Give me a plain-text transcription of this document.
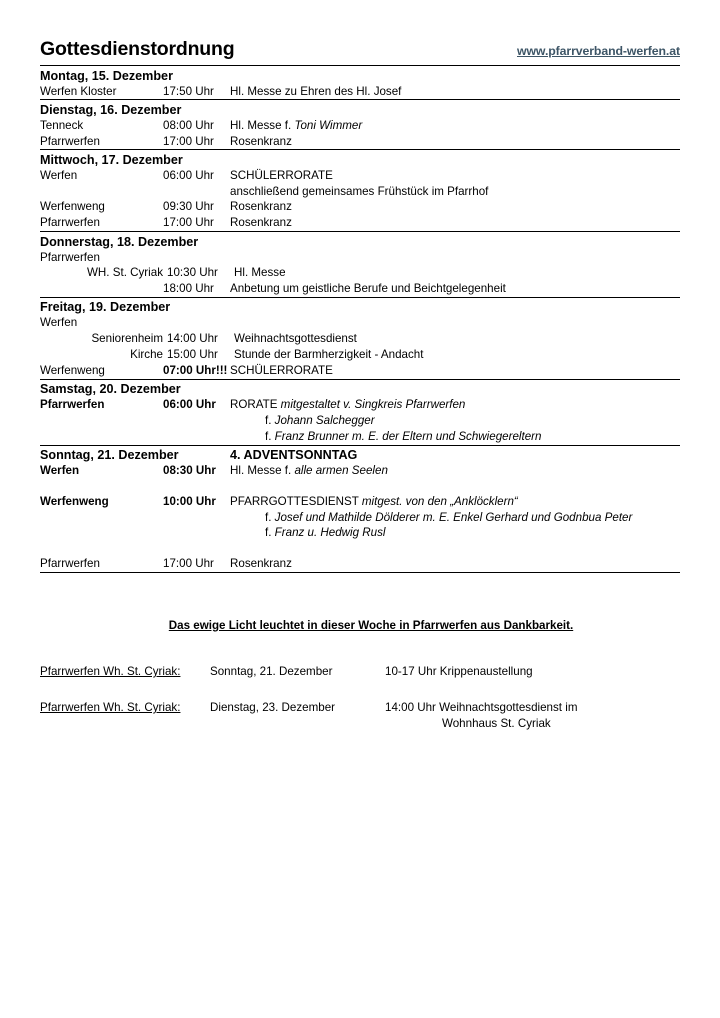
Gottesdienstordnung	www.pfarrverband-werfen.at
Montag, 15. Dezember
Werfen Kloster	17:50 Uhr	Hl. Messe zu Ehren des Hl. Josef
Dienstag, 16. Dezember
Tenneck	08:00 Uhr	Hl. Messe f. Toni Wimmer
Pfarrwerfen	17:00 Uhr	Rosenkranz
Mittwoch, 17. Dezember
Werfen	06:00 Uhr	SCHÜLERRORATE
anschließend gemeinsames Frühstück im Pfarrhof
Werfenweng	09:30 Uhr	Rosenkranz
Pfarrwerfen	17:00 Uhr	Rosenkranz
Donnerstag, 18. Dezember
Pfarrwerfen
WH. St. Cyriak 10:30 Uhr	Hl. Messe
18:00 Uhr	Anbetung um geistliche Berufe und Beichtgelegenheit
Freitag, 19. Dezember
Werfen
Seniorenheim 14:00 Uhr	Weihnachtsgottesdienst
Kirche 15:00 Uhr	Stunde der Barmherzigkeit - Andacht
Werfenweng	07:00 Uhr!!! SCHÜLERRORATE
Samstag, 20. Dezember
Pfarrwerfen	06:00 Uhr	RORATE mitgestaltet v. Singkreis Pfarrwerfen
f. Johann Salchegger
f. Franz Brunner m. E. der Eltern und Schwiegereltern
Sonntag, 21. Dezember	4. ADVENTSONNTAG
Werfen	08:30 Uhr	Hl. Messe f. alle armen Seelen
Werfenweng	10:00 Uhr	PFARRGOTTESDIENST mitgest. von den „Anklöcklern“
f. Josef und Mathilde Dölderer m. E. Enkel Gerhard und Godnbua Peter
f. Franz u. Hedwig Rusl
Pfarrwerfen	17:00 Uhr	Rosenkranz
Das ewige Licht leuchtet in dieser Woche in Pfarrwerfen aus Dankbarkeit.
Pfarrwerfen Wh. St. Cyriak:	Sonntag, 21. Dezember	10-17 Uhr Krippenaustellung
Pfarrwerfen Wh. St. Cyriak:	Dienstag, 23. Dezember	14:00 Uhr Weihnachtsgottesdienst im
Wohnhaus St. Cyriak
